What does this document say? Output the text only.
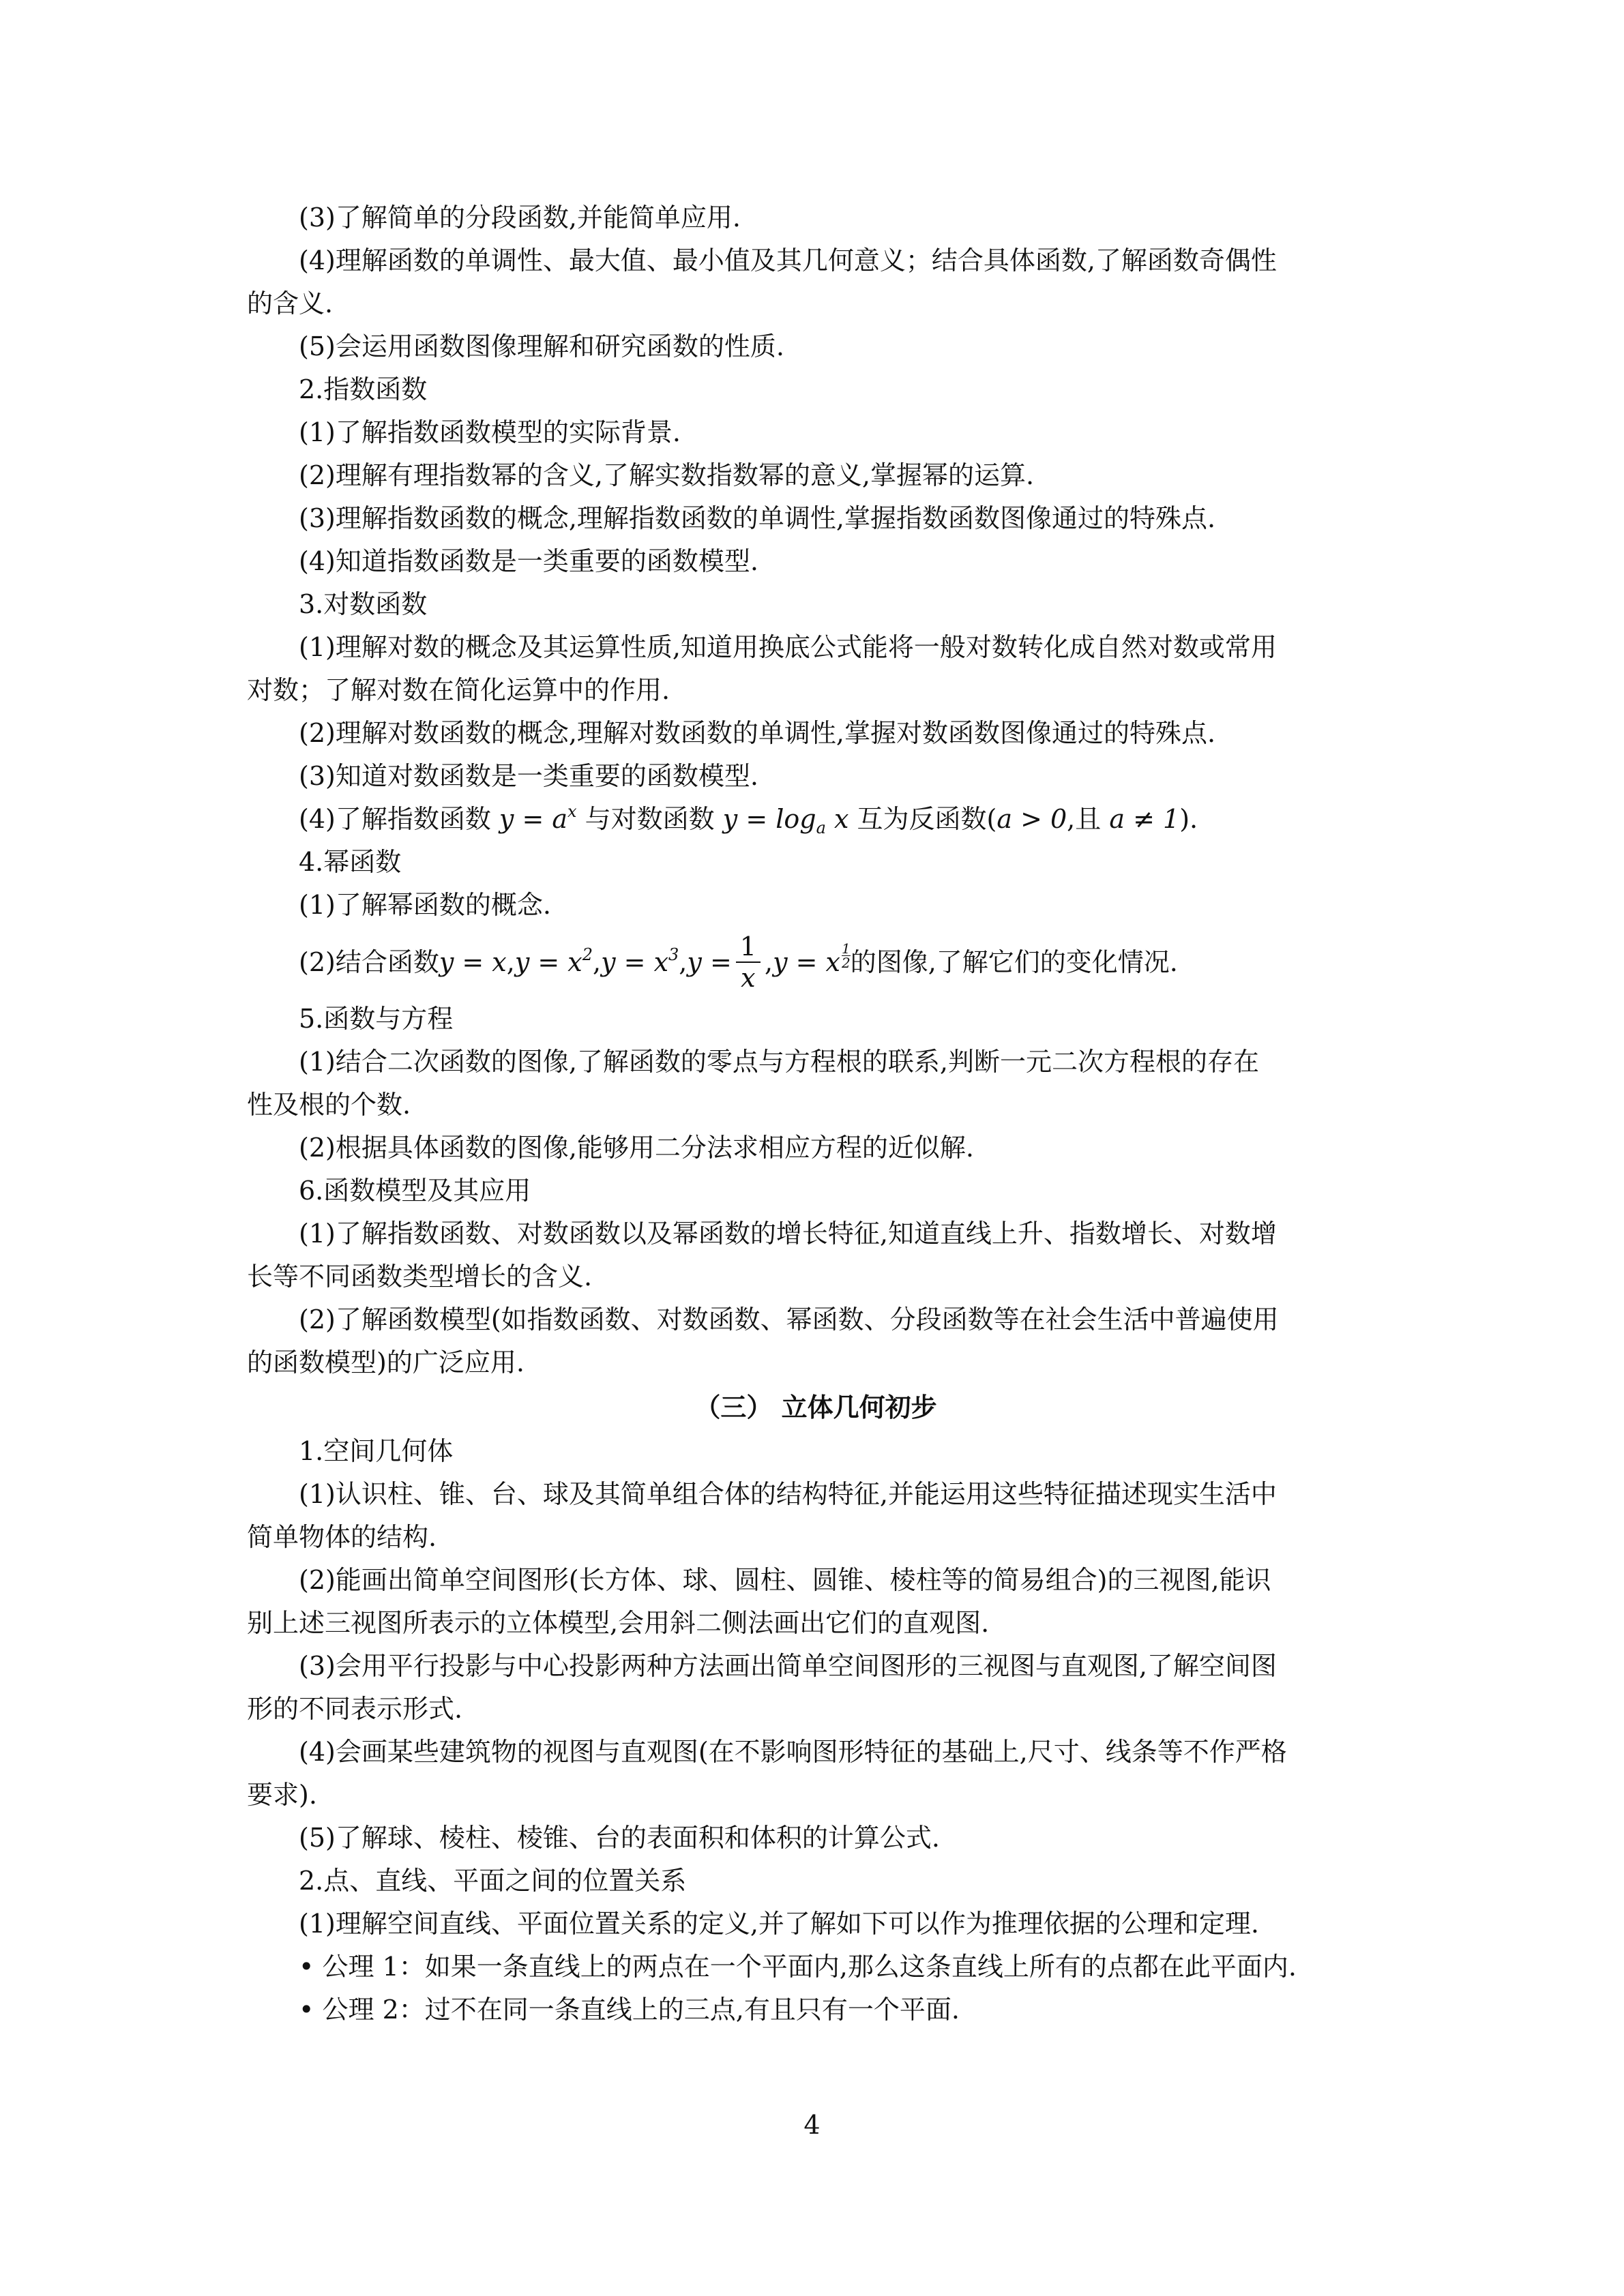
(3)了解简单的分段函数,并能简单应用.
(4)理解函数的单调性、最大值、最小值及其几何意义；结合具体函数,了解函数奇偶性
的含义.
(5)会运用函数图像理解和研究函数的性质.
2.指数函数
(1)了解指数函数模型的实际背景.
(2)理解有理指数幂的含义,了解实数指数幂的意义,掌握幂的运算.
(3)理解指数函数的概念,理解指数函数的单调性,掌握指数函数图像通过的特殊点.
(4)知道指数函数是一类重要的函数模型.
3.对数函数
(1)理解对数的概念及其运算性质,知道用换底公式能将一般对数转化成自然对数或常用
对数；了解对数在简化运算中的作用.
(2)理解对数函数的概念,理解对数函数的单调性,掌握对数函数图像通过的特殊点.
(3)知道对数函数是一类重要的函数模型.
(4)了解指数函数 $y = a^x$ 与对数函数 $y = \log_a x$ 互为反函数(a > 0,且 a ≠ 1).
4.幂函数
(1)了解幂函数的概念.
(2)结合函数 y = x , $y = x^2$ , $y = x^3$ , $y = \frac{1}{x}$ , y = x $\frac{1}{2}$ 的图像,了解它们的变化情况.
5.函数与方程
(1)结合二次函数的图像,了解函数的零点与方程根的联系,判断一元二次方程根的存在
性及根的个数.
(2)根据具体函数的图像,能够用二分法求相应方程的近似解.
6.函数模型及其应用
(1)了解指数函数、对数函数以及幂函数的增长特征,知道直线上升、指数增长、对数增
长等不同函数类型增长的含义.
(2)了解函数模型(如指数函数、对数函数、幂函数、分段函数等在社会生活中普遍使用
的函数模型)的广泛应用.
（三） 立体几何初步
1.空间几何体
(1)认识柱、锥、台、球及其简单组合体的结构特征,并能运用这些特征描述现实生活中
简单物体的结构.
(2)能画出简单空间图形(长方体、球、圆柱、圆锥、棱柱等的简易组合)的三视图,能识
别上述三视图所表示的立体模型,会用斜二侧法画出它们的直观图.
(3)会用平行投影与中心投影两种方法画出简单空间图形的三视图与直观图,了解空间图
形的不同表示形式.
(4)会画某些建筑物的视图与直观图(在不影响图形特征的基础上,尺寸、线条等不作严格
要求).
(5)了解球、棱柱、棱锥、台的表面积和体积的计算公式.
2.点、直线、平面之间的位置关系
(1)理解空间直线、平面位置关系的定义,并了解如下可以作为推理依据的公理和定理.
• 公理 1：如果一条直线上的两点在一个平面内,那么这条直线上所有的点都在此平面内.
• 公理 2：过不在同一条直线上的三点,有且只有一个平面.
4
